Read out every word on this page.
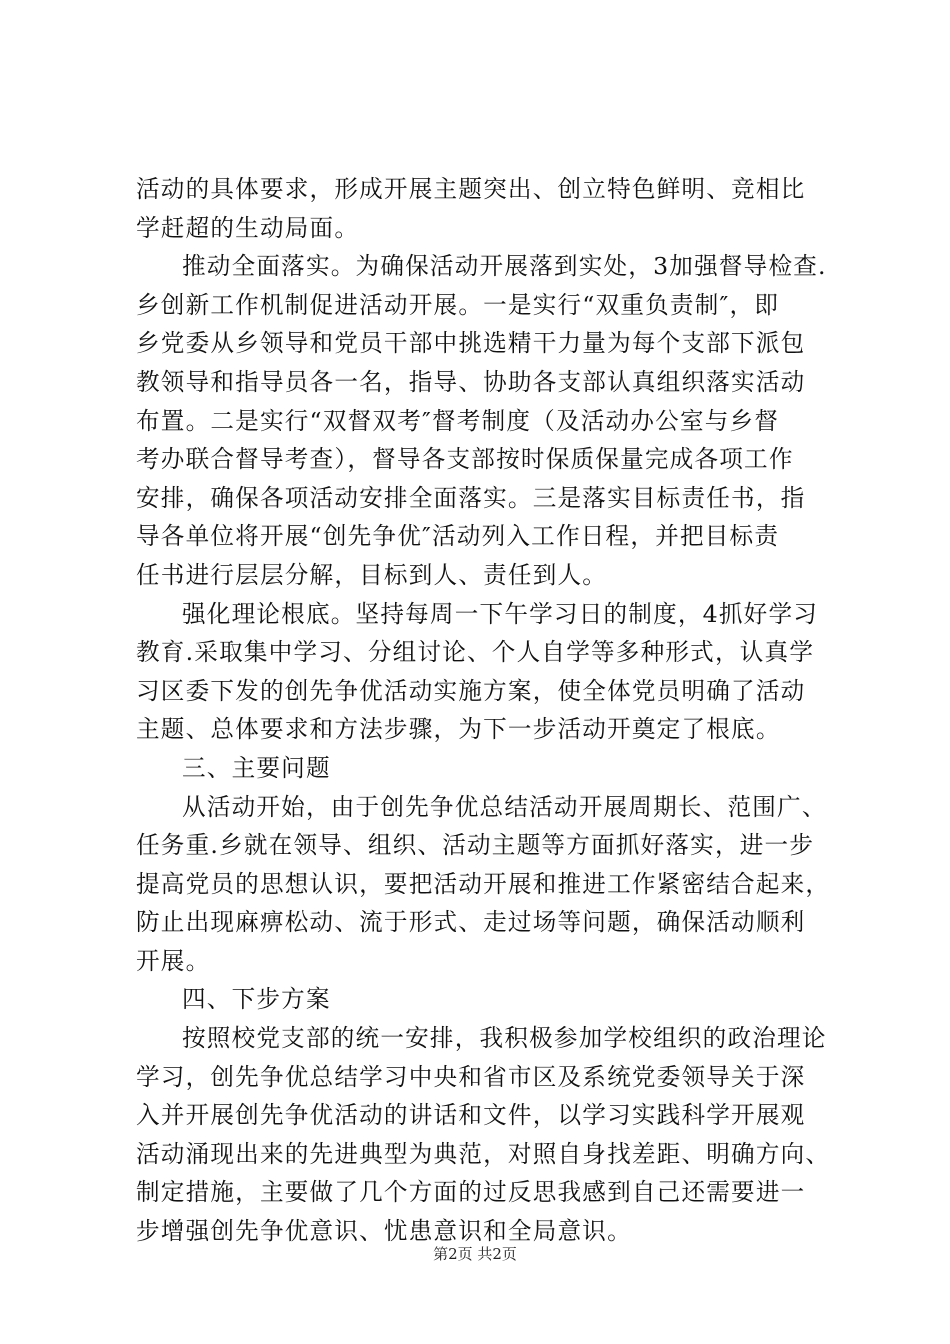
活动的具体要求，形成开展主题突出、创立特色鲜明、竞相比
学赶超的生动局面。
推动全面落实。为确保活动开展落到实处，3加强督导检查.
乡创新工作机制促进活动开展。一是实行“双重负责制″，即
乡党委从乡领导和党员干部中挑选精干力量为每个支部下派包
教领导和指导员各一名，指导、协助各支部认真组织落实活动
布置。二是实行“双督双考″督考制度（及活动办公室与乡督
考办联合督导考查），督导各支部按时保质保量完成各项工作
安排，确保各项活动安排全面落实。三是落实目标责任书，指
导各单位将开展“创先争优″活动列入工作日程，并把目标责
任书进行层层分解，目标到人、责任到人。
强化理论根底。坚持每周一下午学习日的制度，4抓好学习
教育.采取集中学习、分组讨论、个人自学等多种形式，认真学
习区委下发的创先争优活动实施方案，使全体党员明确了活动
主题、总体要求和方法步骤，为下一步活动开奠定了根底。
三、主要问题
从活动开始，由于创先争优总结活动开展周期长、范围广、
任务重.乡就在领导、组织、活动主题等方面抓好落实，进一步
提高党员的思想认识，要把活动开展和推进工作紧密结合起来，
防止出现麻痹松动、流于形式、走过场等问题，确保活动顺利
开展。
四、下步方案
按照校党支部的统一安排，我积极参加学校组织的政治理论
学习，创先争优总结学习中央和省市区及系统党委领导关于深
入并开展创先争优活动的讲话和文件，以学习实践科学开展观
活动涌现出来的先进典型为典范，对照自身找差距、明确方向、
制定措施，主要做了几个方面的过反思我感到自己还需要进一
步增强创先争优意识、忧患意识和全局意识。
第2页 共2页
